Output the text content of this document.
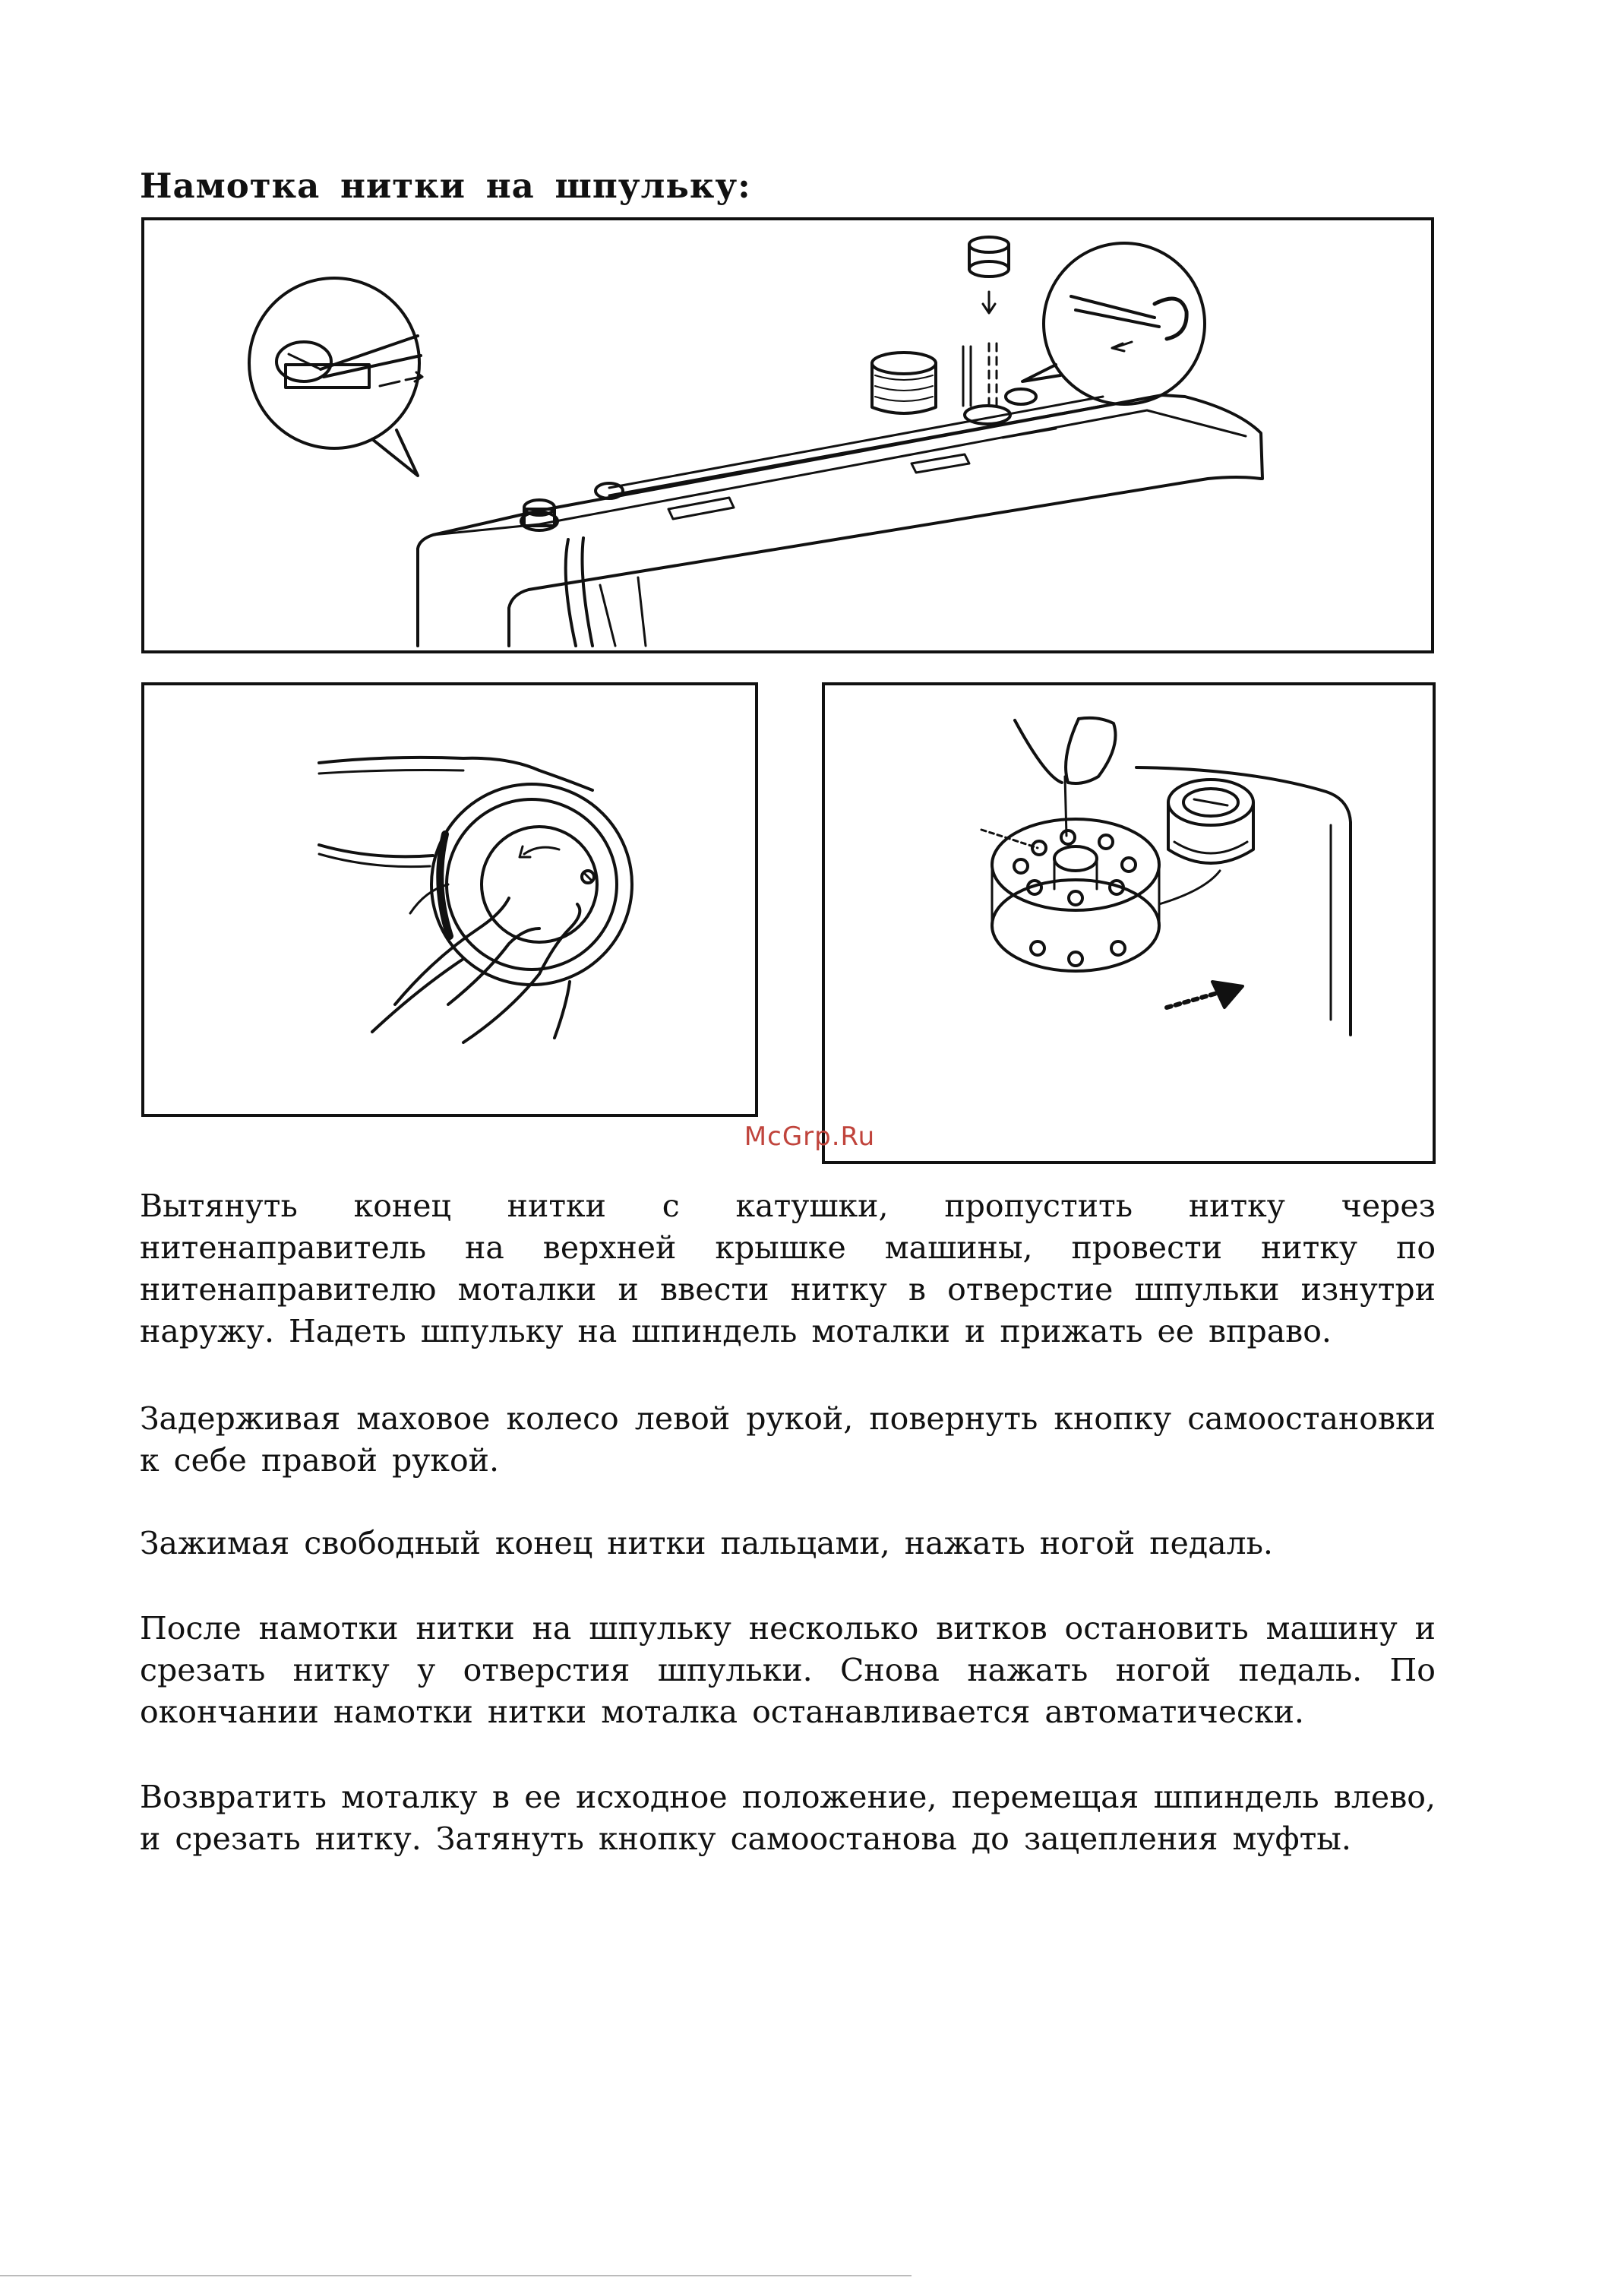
Намотка нитки на шпульку:
McGrp.Ru

Вытянуть конец нитки с катушки, пропустить нитку через нитенаправитель на верхней крышке машины, провести нитку по нитенаправителю моталки и ввести нитку в отверстие шпульки изнутри наружу. Надеть шпульку на шпиндель моталки и прижать ее вправо.

Задерживая маховое колесо левой рукой, повернуть кнопку самоостановки к себе правой рукой.

Зажимая свободный конец нитки пальцами, нажать ногой педаль.

После намотки нитки на шпульку несколько витков остановить машину и срезать нитку у отверстия шпульки. Снова нажать ногой педаль. По окончании намотки нитки моталка останавливается автоматически.

Возвратить моталку в ее исходное положение, перемещая шпиндель влево, и срезать нитку. Затянуть кнопку самоостанова до зацепления муфты.
